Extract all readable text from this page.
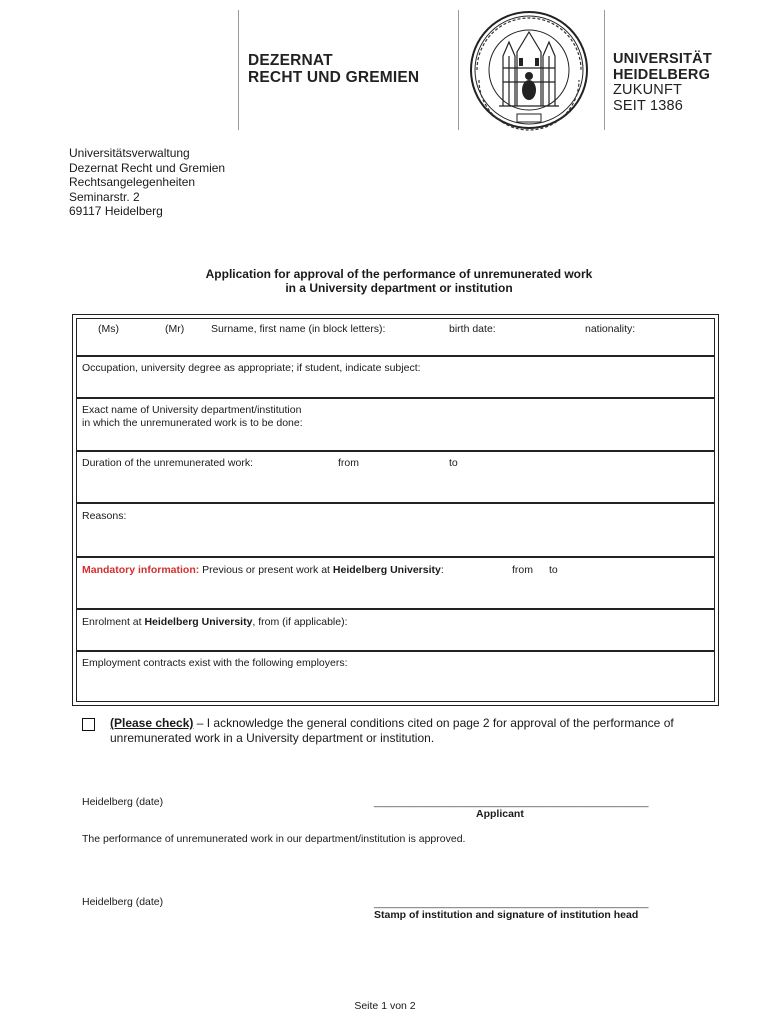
DEZERNAT
RECHT UND GREMIEN
UNIVERSITÄT
HEIDELBERG
ZUKUNFT
SEIT 1386
Universitätsverwaltung
Dezernat Recht und Gremien
Rechtsangelegenheiten
Seminarstr. 2
69117 Heidelberg
Application for approval of the performance of unremunerated work
in a University department or institution
(Ms)	(Mr)	Surname, first name (in block letters):	birth date:	nationality:
Occupation, university degree as appropriate; if student, indicate subject:
Exact name of University department/institution
in which the unremunerated work is to be done:
Duration of the unremunerated work:	from	to
Reasons:
Mandatory information: Previous or present work at Heidelberg University:	from to
Enrolment at Heidelberg University, from (if applicable):
Employment contracts exist with the following employers:
(Please check) – I acknowledge the general conditions cited on page 2 for approval of the performance of unremunerated work in a University department or institution.
Heidelberg (date)	_______________________________________________
Applicant
The performance of unremunerated work in our department/institution is approved.
Heidelberg (date)	_______________________________________________
Stamp of institution and signature of institution head
Seite 1 von 2
